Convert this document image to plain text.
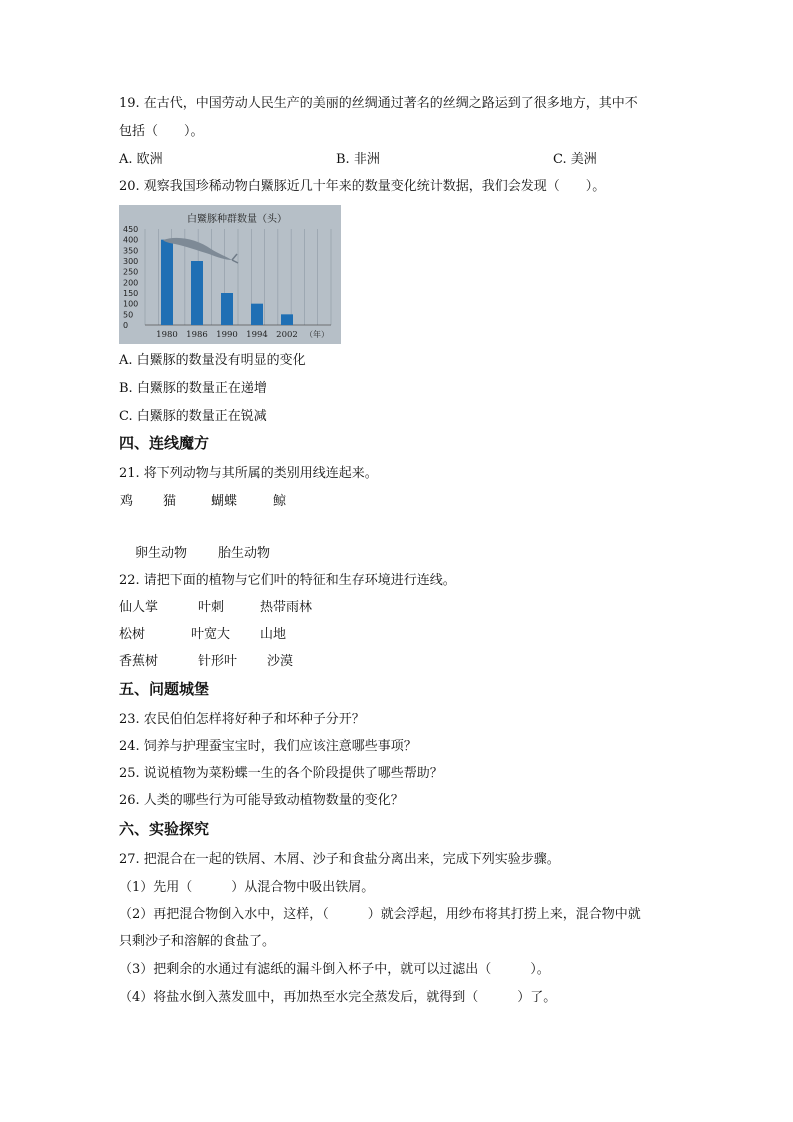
19. 在古代，中国劳动人民生产的美丽的丝绸通过著名的丝绸之路运到了很多地方，其中不
包括（　　）。
A. 欧洲	B. 非洲	C. 美洲
20. 观察我国珍稀动物白鱀豚近几十年来的数量变化统计数据，我们会发现（　　）。
450
400
350
300
250
200
150
100
50
0
1980 1986 1990 1994 2002
白鱀豚种群数量（头）
（年）
A. 白鱀豚的数量没有明显的变化
B. 白鱀豚的数量正在递增
C. 白鱀豚的数量正在锐减
四、连线魔方
21. 将下列动物与其所属的类别用线连起来。
鸡 猫	蝴蝶	鲸
卵生动物 胎生动物
22. 请把下面的植物与它们叶的特征和生存环境进行连线。
仙人掌	叶刺	热带雨林
松树	叶宽大 山地
香蕉树	针形叶 沙漠
五、问题城堡
23. 农民伯伯怎样将好种子和坏种子分开？
24. 饲养与护理蚕宝宝时，我们应该注意哪些事项？
25. 说说植物为菜粉蝶一生的各个阶段提供了哪些帮助？
26. 人类的哪些行为可能导致动植物数量的变化？
六、实验探究
27. 把混合在一起的铁屑、木屑、沙子和食盐分离出来，完成下列实验步骤。
（1）先用（　　　）从混合物中吸出铁屑。
（2）再把混合物倒入水中，这样，（　　　）就会浮起，用纱布将其打捞上来，混合物中就
只剩沙子和溶解的食盐了。
（3）把剩余的水通过有滤纸的漏斗倒入杯子中，就可以过滤出（　　　）。
（4）将盐水倒入蒸发皿中，再加热至水完全蒸发后，就得到（　　　）了。
